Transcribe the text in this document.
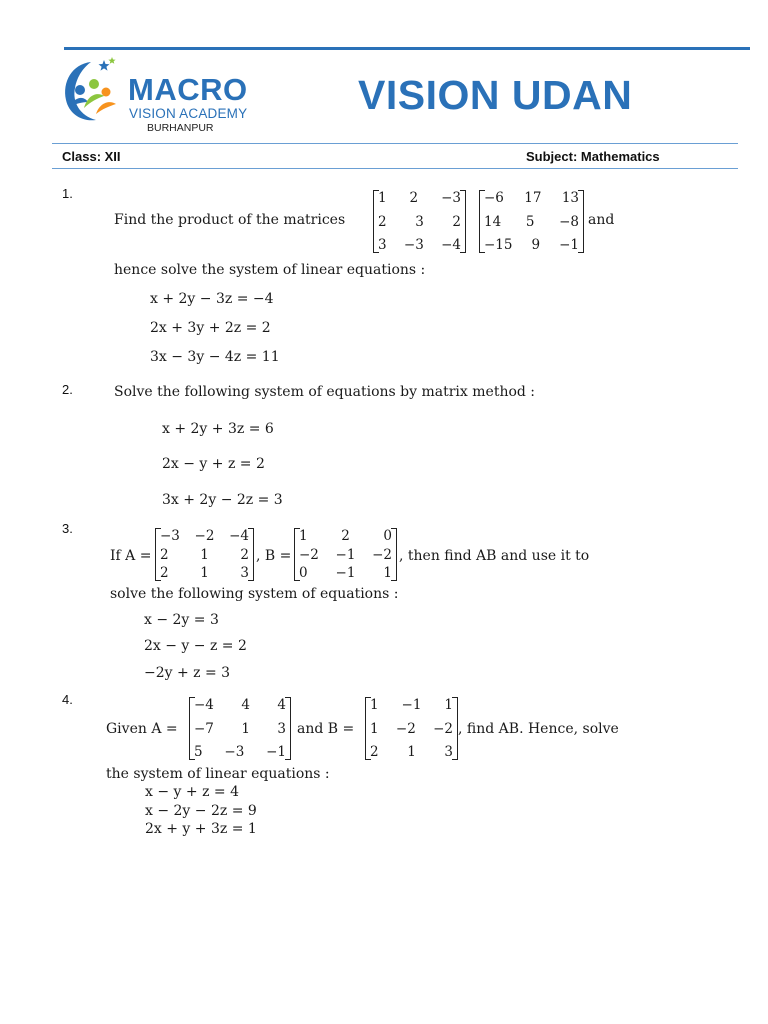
MACRO
VISION ACADEMY
BURHANPUR
VISION UDAN
Class: XII	Subject: Mathematics
1.
Find the product of the matrices
1 2 −3
2 3 2
3 −3 −4
−6 17 13
14 5 −8
−15 9 −1
and
hence solve the system of linear equations :
x + 2y − 3z = −4
2x + 3y + 2z = 2
3x − 3y − 4z = 11
2.	Solve the following system of equations by matrix method :
x + 2y + 3z = 6
2x − y + z = 2
3x + 2y − 2z = 3
3.
If A =
−3 −2 −4
2 1 2
2 1 3
, B =
1 2 0
−2 −1 −2
0 −1 1
, then find AB and use it to
solve the following system of equations :
x − 2y = 3
2x − y − z = 2
−2y + z = 3
4.
Given A =
−4 4 4
−7 1 3
5 −3 −1
and B =
1 −1 1
1 −2 −2
2 1 3
, find AB. Hence, solve
the system of linear equations :
x − y + z = 4
x − 2y − 2z = 9
2x + y + 3z = 1
